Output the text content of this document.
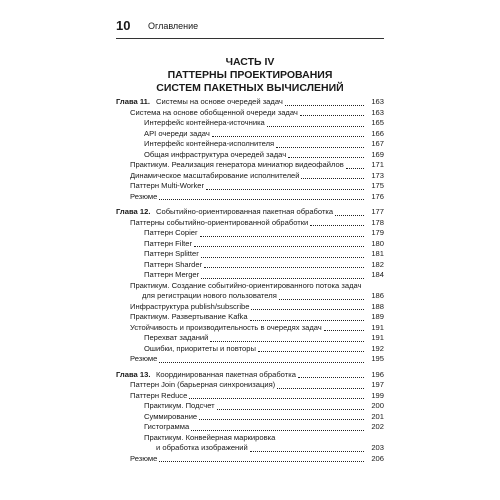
10 Оглавление
ЧАСТЬ IV
ПАТТЕРНЫ ПРОЕКТИРОВАНИЯ
СИСТЕМ ПАКЕТНЫХ ВЫЧИСЛЕНИЙ
Глава 11. Системы на основе очередей задач	163
Система на основе обобщенной очереди задач	163
Интерфейс контейнера-источника	165
API очереди задач	166
Интерфейс контейнера-исполнителя	167
Общая инфраструктура очередей задач	169
Практикум. Реализация генератора миниатюр видеофайлов	171
Динамическое масштабирование исполнителей	173
Паттерн Multi-Worker	175
Резюме	176
Глава 12. Событийно-ориентированная пакетная обработка	177
Паттерны событийно-ориентированной обработки	178
Паттерн Copier	179
Паттерн Filter	180
Паттерн Splitter	181
Паттерн Sharder	182
Паттерн Merger	184
Практикум. Создание событийно-ориентированного потока задач
для регистрации нового пользователя	186
Инфраструктура publish/subscribe	188
Практикум. Развертывание Kafka	189
Устойчивость и производительность в очередях задач	191
Перехват заданий	191
Ошибки, приоритеты и повторы	192
Резюме	195
Глава 13. Координированная пакетная обработка	196
Паттерн Join (барьерная синхронизация)	197
Паттерн Reduce	199
Практикум. Подсчет	200
Суммирование	201
Гистограмма	202
Практикум. Конвейерная маркировка
и обработка изображений	203
Резюме	206
